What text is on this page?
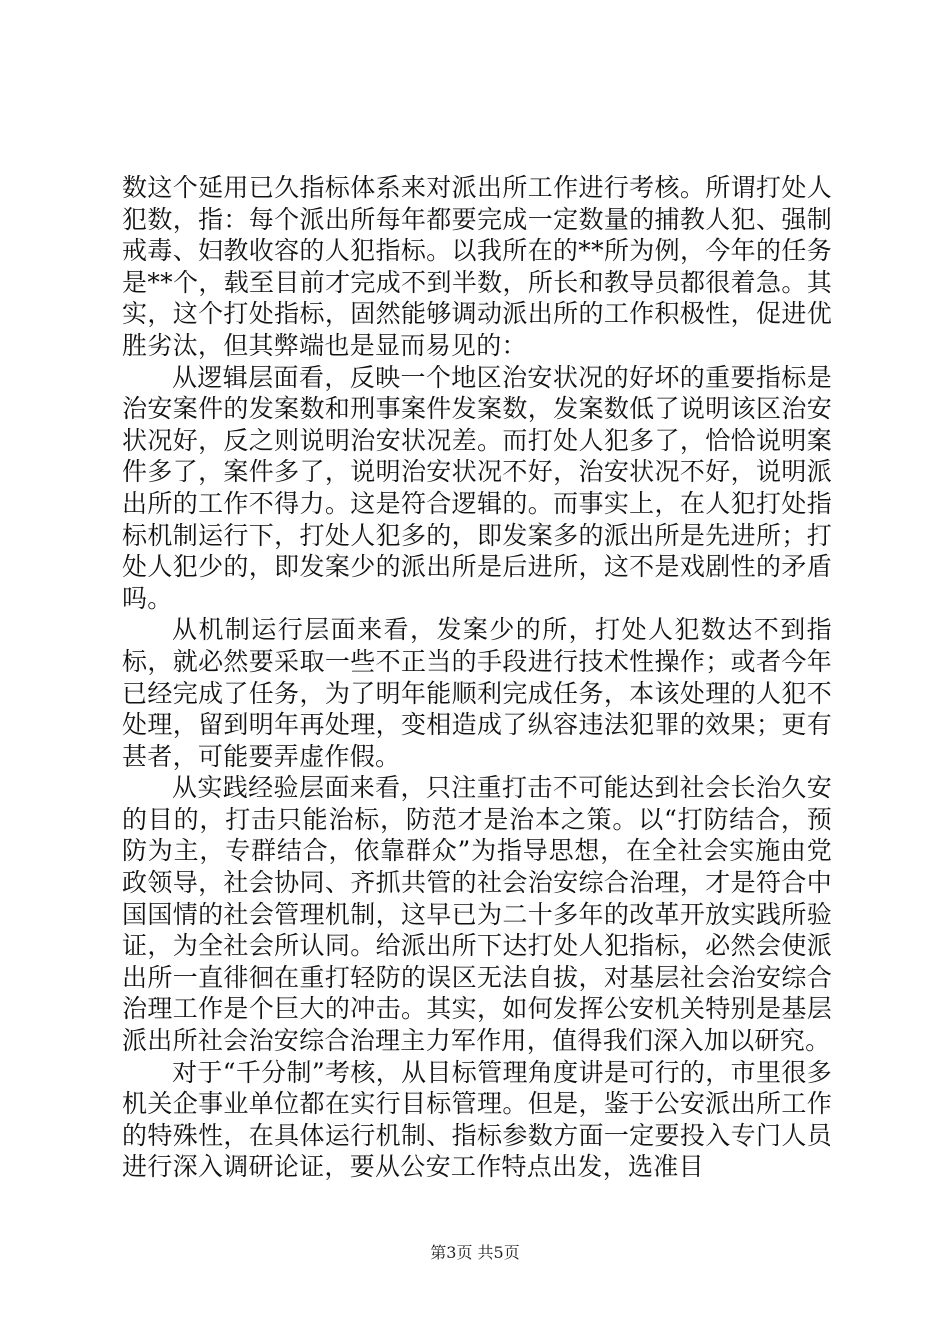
数这个延用已久指标体系来对派出所工作进行考核。所谓打处人犯数，指：每个派出所每年都要完成一定数量的捕教人犯、强制戒毒、妇教收容的人犯指标。以我所在的**所为例，今年的任务是**个，载至目前才完成不到半数，所长和教导员都很着急。其实，这个打处指标，固然能够调动派出所的工作积极性，促进优胜劣汰，但其弊端也是显而易见的：

从逻辑层面看，反映一个地区治安状况的好坏的重要指标是治安案件的发案数和刑事案件发案数，发案数低了说明该区治安状况好，反之则说明治安状况差。而打处人犯多了，恰恰说明案件多了，案件多了，说明治安状况不好，治安状况不好，说明派出所的工作不得力。这是符合逻辑的。而事实上，在人犯打处指标机制运行下，打处人犯多的，即发案多的派出所是先进所；打处人犯少的，即发案少的派出所是后进所，这不是戏剧性的矛盾吗。

从机制运行层面来看，发案少的所，打处人犯数达不到指标，就必然要采取一些不正当的手段进行技术性操作；或者今年已经完成了任务，为了明年能顺利完成任务，本该处理的人犯不处理，留到明年再处理，变相造成了纵容违法犯罪的效果；更有甚者，可能要弄虚作假。

从实践经验层面来看，只注重打击不可能达到社会长治久安的目的，打击只能治标，防范才是治本之策。以“打防结合，预防为主，专群结合，依靠群众”为指导思想，在全社会实施由党政领导，社会协同、齐抓共管的社会治安综合治理，才是符合中国国情的社会管理机制，这早已为二十多年的改革开放实践所验证，为全社会所认同。给派出所下达打处人犯指标，必然会使派出所一直徘徊在重打轻防的误区无法自拔，对基层社会治安综合治理工作是个巨大的冲击。其实，如何发挥公安机关特别是基层派出所社会治安综合治理主力军作用，值得我们深入加以研究。

对于“千分制”考核，从目标管理角度讲是可行的，市里很多机关企事业单位都在实行目标管理。但是，鉴于公安派出所工作的特殊性，在具体运行机制、指标参数方面一定要投入专门人员进行深入调研论证，要从公安工作特点出发，选准目

第3页 共5页
